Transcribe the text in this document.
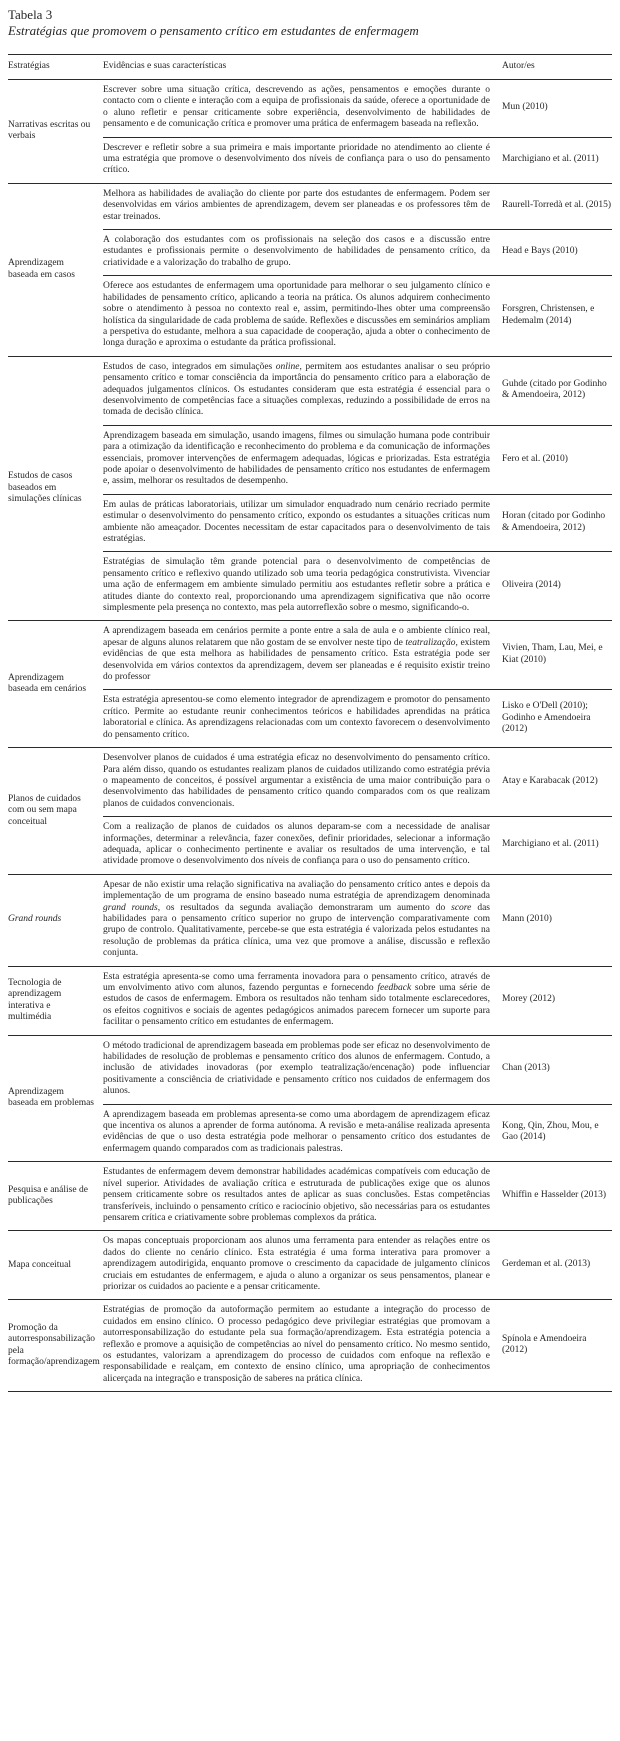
Tabela 3

Estratégias que promovem o pensamento crítico em estudantes de enfermagem

Estratégias	Evidências e suas características	Autor/es
Narrativas escritas ou verbais
Escrever sobre uma situação crítica, descrevendo as ações, pensamentos e emoções durante o contacto com o cliente e interação com a equipa de profissionais da saúde, oferece a oportunidade de o aluno refletir e pensar criticamente sobre experiência, desenvolvimento de habilidades de pensamento e de comunicação crítica e promover uma prática de enfermagem baseada na reflexão.
Mun (2010)
Descrever e refletir sobre a sua primeira e mais importante prioridade no atendimento ao cliente é uma estratégia que promove o desenvolvimento dos níveis de confiança para o uso do pensamento crítico.
Marchigiano et al. (2011)
Aprendizagem baseada em casos
Melhora as habilidades de avaliação do cliente por parte dos estudantes de enfermagem. Podem ser desenvolvidas em vários ambientes de aprendizagem, devem ser planeadas e os professores têm de estar treinados.
Raurell-Torredà et al. (2015)
A colaboração dos estudantes com os profissionais na seleção dos casos e a discussão entre estudantes e profissionais permite o desenvolvimento de habilidades de pensamento crítico, da criatividade e a valorização do trabalho de grupo.
Head e Bays (2010)
Oferece aos estudantes de enfermagem uma oportunidade para melhorar o seu julgamento clínico e habilidades de pensamento crítico, aplicando a teoria na prática. Os alunos adquirem conhecimento sobre o atendimento à pessoa no contexto real e, assim, permitindo-lhes obter uma compreensão holística da singularidade de cada problema de saúde. Reflexões e discussões em seminários ampliam a perspetiva do estudante, melhora a sua capacidade de cooperação, ajuda a obter o conhecimento de longa duração e aproxima o estudante da prática profissional.
Forsgren, Christensen, e Hedemalm (2014)
Estudos de casos baseados em simulações clínicas
Estudos de caso, integrados em simulações online, permitem aos estudantes analisar o seu próprio pensamento crítico e tomar consciência da importância do pensamento crítico para a elaboração de adequados julgamentos clínicos. Os estudantes consideram que esta estratégia é essencial para o desenvolvimento de competências face a situações complexas, reduzindo a possibilidade de erros na tomada de decisão clínica.
Guhde (citado por Godinho & Amendoeira, 2012)
Aprendizagem baseada em simulação, usando imagens, filmes ou simulação humana pode contribuir para a otimização da identificação e reconhecimento do problema e da comunicação de informações essenciais, promover intervenções de enfermagem adequadas, lógicas e priorizadas. Esta estratégia pode apoiar o desenvolvimento de habilidades de pensamento crítico nos estudantes de enfermagem e, assim, melhorar os resultados de desempenho.
Fero et al. (2010)
Em aulas de práticas laboratoriais, utilizar um simulador enquadrado num cenário recriado permite estimular o desenvolvimento do pensamento crítico, expondo os estudantes a situações críticas num ambiente não ameaçador. Docentes necessitam de estar capacitados para o desenvolvimento de tais estratégias.
Horan (citado por Godinho & Amendoeira, 2012)
Estratégias de simulação têm grande potencial para o desenvolvimento de competências de pensamento crítico e reflexivo quando utilizado sob uma teoria pedagógica construtivista. Vivenciar uma ação de enfermagem em ambiente simulado permitiu aos estudantes refletir sobre a prática e atitudes diante do contexto real, proporcionando uma aprendizagem significativa que não ocorre simplesmente pela presença no contexto, mas pela autorreflexão sobre o mesmo, significando-o.
Oliveira (2014)
Aprendizagem baseada em cenários
A aprendizagem baseada em cenários permite a ponte entre a sala de aula e o ambiente clínico real, apesar de alguns alunos relatarem que não gostam de se envolver neste tipo de teatralização, existem evidências de que esta melhora as habilidades de pensamento crítico. Esta estratégia pode ser desenvolvida em vários contextos da aprendizagem, devem ser planeadas e é requisito existir treino do professor
Vivien, Tham, Lau, Mei, e Kiat (2010)
Esta estratégia apresentou-se como elemento integrador de aprendizagem e promotor do pensamento crítico. Permite ao estudante reunir conhecimentos teóricos e habilidades aprendidas na prática laboratorial e clínica. As aprendizagens relacionadas com um contexto favorecem o desenvolvimento do pensamento crítico.
Lisko e O'Dell (2010); Godinho e Amendoeira (2012)
Planos de cuidados com ou sem mapa conceitual
Desenvolver planos de cuidados é uma estratégia eficaz no desenvolvimento do pensamento crítico. Para além disso, quando os estudantes realizam planos de cuidados utilizando como estratégia prévia o mapeamento de conceitos, é possível argumentar a existência de uma maior contribuição para o desenvolvimento das habilidades de pensamento crítico quando comparados com os que realizam planos de cuidados convencionais.
Atay e Karabacak (2012)
Com a realização de planos de cuidados os alunos deparam-se com a necessidade de analisar informações, determinar a relevância, fazer conexões, definir prioridades, selecionar a informação adequada, aplicar o conhecimento pertinente e avaliar os resultados de uma intervenção, e tal atividade promove o desenvolvimento dos níveis de confiança para o uso do pensamento crítico.
Marchigiano et al. (2011)
Grand rounds
Apesar de não existir uma relação significativa na avaliação do pensamento crítico antes e depois da implementação de um programa de ensino baseado numa estratégia de aprendizagem denominada grand rounds, os resultados da segunda avaliação demonstraram um aumento do score das habilidades para o pensamento crítico superior no grupo de intervenção comparativamente com grupo de controlo. Qualitativamente, percebe-se que esta estratégia é valorizada pelos estudantes na resolução de problemas da prática clínica, uma vez que promove a análise, discussão e reflexão conjunta.
Mann (2010)
Tecnologia de aprendizagem interativa e multimédia
Esta estratégia apresenta-se como uma ferramenta inovadora para o pensamento crítico, através de um envolvimento ativo com alunos, fazendo perguntas e fornecendo feedback sobre uma série de estudos de casos de enfermagem. Embora os resultados não tenham sido totalmente esclarecedores, os efeitos cognitivos e sociais de agentes pedagógicos animados parecem fornecer um suporte para facilitar o pensamento crítico em estudantes de enfermagem.
Morey (2012)
Aprendizagem baseada em problemas
O método tradicional de aprendizagem baseada em problemas pode ser eficaz no desenvolvimento de habilidades de resolução de problemas e pensamento crítico dos alunos de enfermagem. Contudo, a inclusão de atividades inovadoras (por exemplo teatralização/encenação) pode influenciar positivamente a consciência de criatividade e pensamento crítico nos cuidados de enfermagem dos alunos.
Chan (2013)
A aprendizagem baseada em problemas apresenta-se como uma abordagem de aprendizagem eficaz que incentiva os alunos a aprender de forma autónoma. A revisão e meta-análise realizada apresenta evidências de que o uso desta estratégia pode melhorar o pensamento crítico dos estudantes de enfermagem quando comparados com as tradicionais palestras.
Kong, Qin, Zhou, Mou, e Gao (2014)
Pesquisa e análise de publicações
Estudantes de enfermagem devem demonstrar habilidades académicas compatíveis com educação de nível superior. Atividades de avaliação crítica e estruturada de publicações exige que os alunos pensem criticamente sobre os resultados antes de aplicar as suas conclusões. Estas competências transferíveis, incluindo o pensamento crítico e raciocínio objetivo, são necessárias para os estudantes pensarem crítica e criativamente sobre problemas complexos da prática.
Whiffin e Hasselder (2013)
Mapa conceitual
Os mapas conceptuais proporcionam aos alunos uma ferramenta para entender as relações entre os dados do cliente no cenário clínico. Esta estratégia é uma forma interativa para promover a aprendizagem autodirigida, enquanto promove o crescimento da capacidade de julgamento clínicos cruciais em estudantes de enfermagem, e ajuda o aluno a organizar os seus pensamentos, planear e priorizar os cuidados ao paciente e a pensar criticamente.
Gerdeman et al. (2013)
Promoção da autorresponsabilização pela formação/aprendizagem
Estratégias de promoção da autoformação permitem ao estudante a integração do processo de cuidados em ensino clínico. O processo pedagógico deve privilegiar estratégias que promovam a autorresponsabilização do estudante pela sua formação/aprendizagem. Esta estratégia potencia a reflexão e promove a aquisição de competências ao nível do pensamento crítico. No mesmo sentido, os estudantes, valorizam a aprendizagem do processo de cuidados com enfoque na reflexão e responsabilidade e realçam, em contexto de ensino clínico, uma apropriação de conhecimentos alicerçada na integração e transposição de saberes na prática clínica.
Spínola e Amendoeira (2012)
